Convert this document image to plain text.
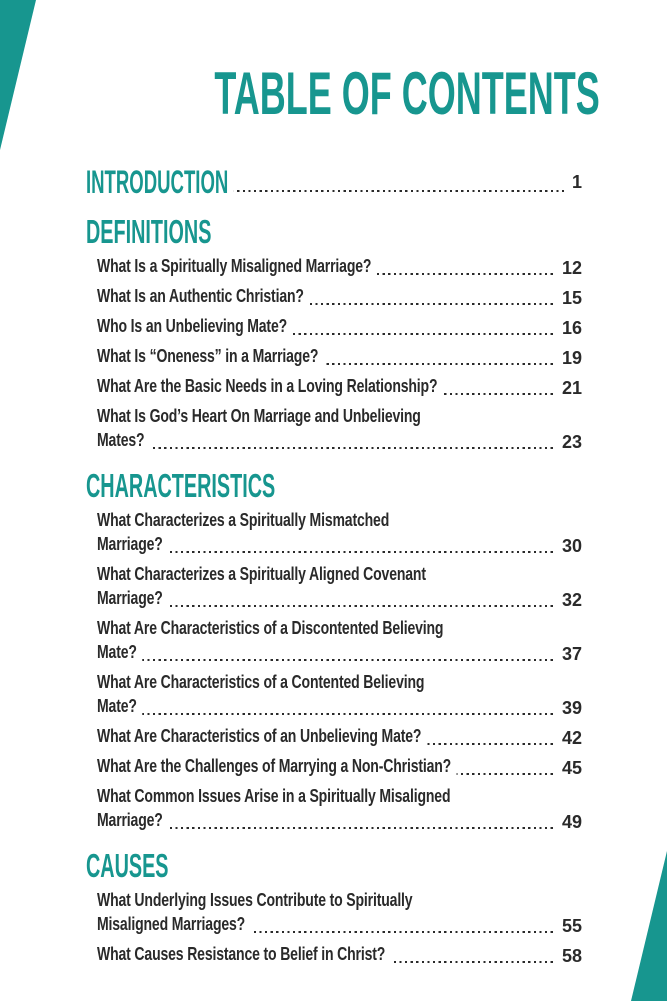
TABLE OF CONTENTS
INTRODUCTION	1
DEFINITIONS
What Is a Spiritually Misaligned Marriage?	12
What Is an Authentic Christian?	15
Who Is an Unbelieving Mate?	16
What Is “Oneness” in a Marriage?	19
What Are the Basic Needs in a Loving Relationship?	21
What Is God’s Heart On Marriage and Unbelieving
Mates?	23
CHARACTERISTICS
What Characterizes a Spiritually Mismatched
Marriage?	30
What Characterizes a Spiritually Aligned Covenant
Marriage?	32
What Are Characteristics of a Discontented Believing
Mate?	37
What Are Characteristics of a Contented Believing
Mate?	39
What Are Characteristics of an Unbelieving Mate?	42
What Are the Challenges of Marrying a Non-Christian?	45
What Common Issues Arise in a Spiritually Misaligned
Marriage?	49
CAUSES
What Underlying Issues Contribute to Spiritually
Misaligned Marriages?	55
What Causes Resistance to Belief in Christ?	58
